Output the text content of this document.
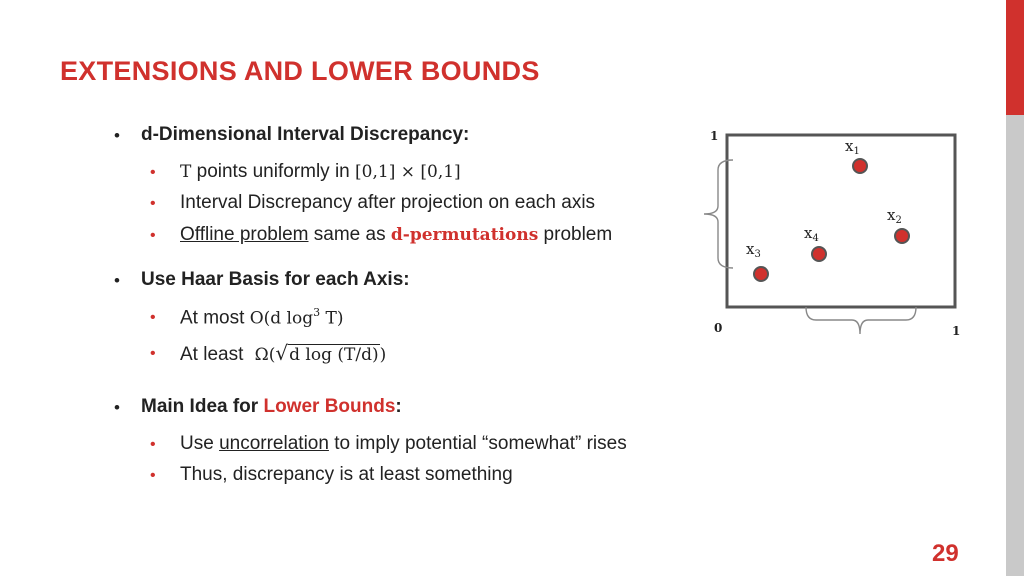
EXTENSIONS AND LOWER BOUNDS
• d-Dimensional Interval Discrepancy:
• T points uniformly in [0,1] × [0,1]
• Interval Discrepancy after projection on each axis
• Offline problem same as d-permutations problem
• Use Haar Basis for each Axis:
• At most O(d $\log^3 T$)
• At least Ω(√d log (T/d))
• Main Idea for Lower Bounds:
• Use uncorrelation to imply potential “somewhat” rises
• Thus, discrepancy is at least something
1
0	1
$x_1$
$x_2$
$x_3$
$x_4$
29
